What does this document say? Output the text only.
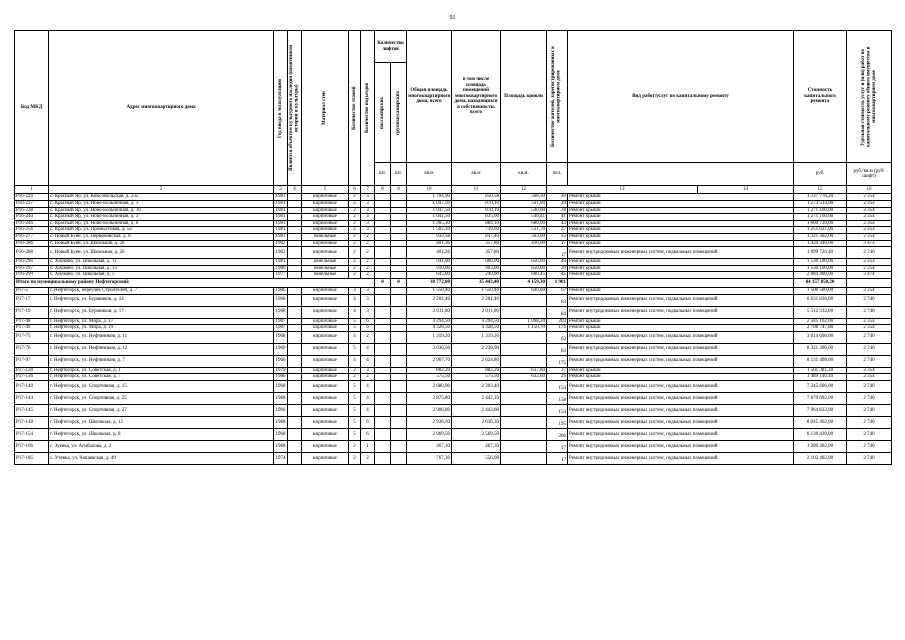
91
Код МКД	Адрес многоквартирного дома	Год ввода в эксплуатацию	Является объектом культурного наследия (памятником истории и культуры)	Материал стен	Количество этажей	Количество подъездов	Количество лифтов		Общая площадь многоквартирного дома, всего	в том числе площадь помещений многоквартирного дома, находящихся в собственности, всего	Площадь кровли	Количество жителей, зарегистрированных в многоквартирном доме	Вид работ/услуг по капитальному ремонту		Стоимость капитального ремонта	Удельная стоимость услуг и (или) работ по капитальному ремонту общего имущества в многоквартирном доме

							пассажирских	грузопассажирских									

							шт.	шт.	кв.м	кв.м	кв.м.	чел.			руб.	руб./кв.м (руб/шифт)	
1	2	3	4	5	6	7	8	9	10	11	12	13		14	15	16	
Р16-229	с. Красный Яр, ул. Комсомольская, д. 235	1981		кирпичные	2	3			1 704,90	850,58	568,30	40	Ремонт крыши		1 337 778,20	2 354	
Р16-237	с. Красный Яр, ул. Ново-Больничная, д. 1	1981		кирпичные	2	3			1 047,50	870,10	541,00	40	Ремонт крыши		1 273 514,00	2 354	
Р16-238	с. Красный Яр, ул. Ново-Больничная, д. 10	1981		кирпичные	2	3			1 047,50	870,10	540,00	38	Ремонт крыши		1 271 160,00	2 354	
Р16-240	с. Красный Яр, ул. Ново-Больничная, д. 3	1981		кирпичные	2	3			1 041,50	835,00	540,41	41	Ремонт крыши		1 271 160,00	2 354	
Р16-246	с. Красный Яр, ул. Ново-Больничная, д. 8	1981		кирпичные	2	3			1 305,30	884,10	680,00	43	Ремонт крыши		1 600 720,00	2 354	
Р16-256	с. Красный Яр, ул. Промыстовая, д. 54	1981		кирпичные	2	3			1 565,10	739,60	531,70	27	Ремонт крыши		1 251 621,00	2 354	
Р16-277	с. Новый Буян, ул. Первомайская, д. 8	1981		панельные	2	2			932,58	847,40	563,00	33	Ремонт крыши		1 325 302,00	2 354	
Р16-286	с. Новый Буян, ул. Школьная, д. 26	1962		кирпичные	2	2			401,36	357,80	410,00	17	Ремонт крыши		1 424 340,00	3 474	
Р16-288	с. Новый Буян, ул. Школьная, д. 26	1962		кирпичные	2	2			401,36	357,80		17	Ремонт внутридомовых инженерных систем, подвальных помещений		1 099 726,40	2 740	
Р16-296	с. Хилково, ул. Школьная, д. 11	1981		панельные	2	2			941,00	806,00	650,00	40	Ремонт крыши		1 530 100,00	2 354	
Р16-297	с. Хилково, ул. Школьная, д. 13	1980		панельные	2	2			910,00	903,00	650,00	39	Ремонт крыши		1 530 100,00	2 354	
Р16-299	с. Хилково, ул. Школьная, д. 5	1977		панельные	2	2			645,00	240,00	600,45	45	Ремонт крыши		2 084 400,00	3 474	
Итого по муниципальному району Нефтегорский:							0	0	38 772,00	35 443,40	4 159,30	1 901			84 157 058,20		
Р17-5	г. Нефтегорск, переулок Строителей, д. 7	1986		кирпичные	3	3			1 550,40	1 550,40	640,60	67	Ремонт крыши		1 506 500,00	2 354	
Р17-17	г. Нефтегорск, ул. Буровиков, д. 14	1968		кирпичные	4	3			2 201,40	2 201,40		83	Ремонт внутридомовых инженерных систем, подвальных помещений		6 031 836,00	2 740	
Р17-19	г. Нефтегорск, ул. Буровиков, д. 17	1968		кирпичные	4	3			2 011,80	2 011,80		84	Ремонт внутридомовых инженерных систем, подвальных помещений		5 512 332,00	2 740	
Р17-48	г. Нефтегорск, ул. Мира, д. 17	1987		кирпичные	5	6			4 294,50	4 294,50	1 098,20	203	Ремонт крыши		2 585 162,00	2 354	
Р17-49	г. Нефтегорск, ул. Мира, д. 19	1987		кирпичные	5	6			4 328,50	4 328,50	1 150,70	176	Ремонт крыши		2 708 747,80	2 354	
Р17-75	г. Нефтегорск, ул. Нефтяников, д. 11	1968		кирпичные	4	2			1 319,20	1 319,20		63	Ремонт внутридомовых инженерных систем, подвальных помещений		3 614 608,00	2 740	
Р17-76	г. Нефтегорск, ул. Нефтяников, д. 12	1969		кирпичные	5	4			3 036,50	2 236,90		83	Ремонт внутридомовых инженерных систем, подвальных помещений		8 321 306,00	2 740	
Р17-97	г. Нефтегорск, ул. Нефтяников, д. 7	1966		кирпичные	4	4			2 967,70	2 624,80		175	Ремонт внутридомовых инженерных систем, подвальных помещений		8 131 498,00	2 740	
Р17-128	г. Нефтегорск, ул. Советская, д. 1	1979		кирпичные	2	3			882,20	882,20	637,80	37	Ремонт крыши		1 501 381,20	2 354	
Р17-136	г. Нефтегорск, ул. Советская, д. 7	1986		кирпичные	2	2			575,50	575,50	632,60	29	Ремонт крыши		1 489 140,40	2 354	
Р17-140	г. Нефтегорск, ул. Спортивная, д. 15	1968		кирпичные	5	4			2 680,90	2 303,40		154	Ремонт внутридомовых инженерных систем, подвальных помещений		7 345 666,00	2 740	
Р17-144	г. Нефтегорск, ул. Спортивная, д. 25	1968		кирпичные	5	4			2 875,80	2 442,10		158	Ремонт внутридомовых инженерных систем, подвальных помещений		7 879 692,00	2 740	
Р17-145	г. Нефтегорск, ул. Спортивная, д. 27	1966		кирпичные	5	4			2 906,80	2 443,60		154	Ремонт внутридомовых инженерных систем, подвальных помещений		7 964 632,00	2 740	
Р17-148	г. Нефтегорск, ул. Школьная, д. 12	1968		кирпичные	5	6			2 936,30	2 636,30		195	Ремонт внутридомовых инженерных систем, подвальных помещений		8 045 462,00	2 740	
Р17-154	г. Нефтегорск, ул. Школьная, д. 8	1968		кирпичные	5	6			2 969,50	2 569,50		206	Ремонт внутридомовых инженерных систем, подвальных помещений		8 136 430,00	2 740	
Р17-166	с. Зуевка, ул. Агибалова, д. 2	1968		кирпичные	2	1			467,30	467,30		17	Ремонт внутридомовых инженерных систем, подвальных помещений		1 280 402,00	2 740	
Р17-185	с. Утевка, ул. Чапаевская, д. 49	1974		кирпичные	2	2			767,30	556,00		17	Ремонт внутридомовых инженерных систем, подвальных помещений		2 102 402,00	2 740	
